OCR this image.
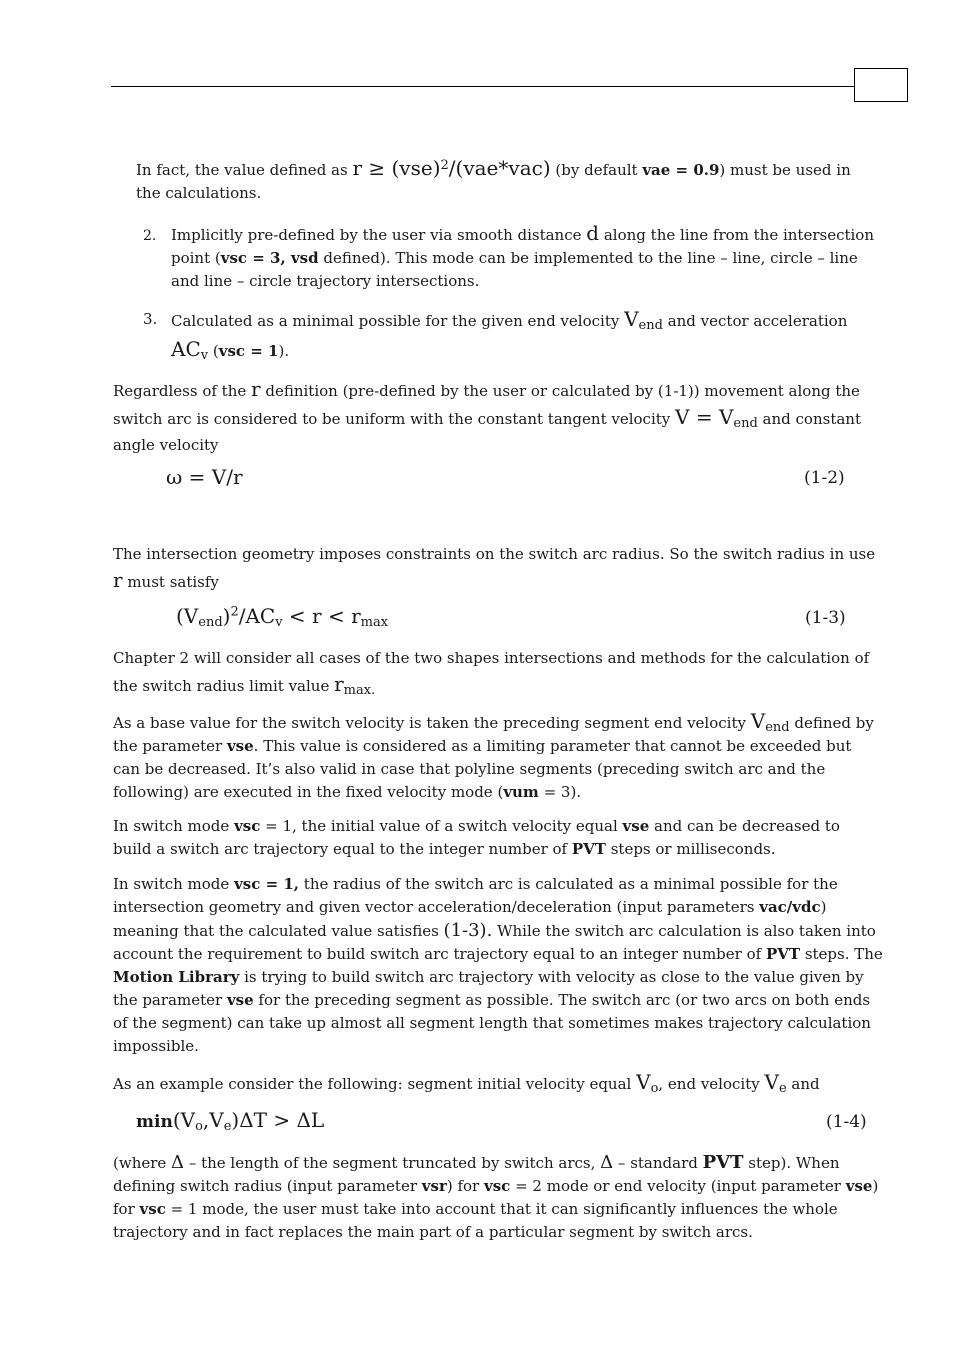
In fact, the value defined as r ≥ (vse)$^2$/(vae*vac) (by default vae = 0.9) must be used in the calculations.
2. Implicitly pre-defined by the user via smooth distance d along the line from the intersection point (vsc = 3, vsd defined). This mode can be implemented to the line – line, circle – line and line – circle trajectory intersections.
3. Calculated as a minimal possible for the given end velocity $V_{end}$ and vector acceleration $AC_v$ (vsc = 1).
Regardless of the r definition (pre-defined by the user or calculated by (1-1)) movement along the switch arc is considered to be uniform with the constant tangent velocity $V = V_{end}$ and constant angle velocity
ω = V/r	(1-2)
The intersection geometry imposes constraints on the switch arc radius. So the switch radius in use r must satisfy
$(V_{end})^2/AC_v < r < r_{max}$	(1-3)
Chapter 2 will consider all cases of the two shapes intersections and methods for the calculation of the switch radius limit value $r_{max.}$
As a base value for the switch velocity is taken the preceding segment end velocity $V_{end}$ defined by the parameter vse. This value is considered as a limiting parameter that cannot be exceeded but can be decreased. It’s also valid in case that polyline segments (preceding switch arc and the following) are executed in the fixed velocity mode (vum = 3).
In switch mode vsc = 1, the initial value of a switch velocity equal vse and can be decreased to build a switch arc trajectory equal to the integer number of PVT steps or milliseconds.
In switch mode vsc = 1, the radius of the switch arc is calculated as a minimal possible for the intersection geometry and given vector acceleration/deceleration (input parameters vac/vdc) meaning that the calculated value satisfies (1-3). While the switch arc calculation is also taken into account the requirement to build switch arc trajectory equal to an integer number of PVT steps. The Motion Library is trying to build switch arc trajectory with velocity as close to the value given by the parameter vse for the preceding segment as possible. The switch arc (or two arcs on both ends of the segment) can take up almost all segment length that sometimes makes trajectory calculation impossible.
As an example consider the following: segment initial velocity equal $V_o$, end velocity $V_e$ and
$\min(V_o,V_e)\Delta T > \Delta L$	(1-4)
(where Δ – the length of the segment truncated by switch arcs, Δ – standard PVT step). When defining switch radius (input parameter vsr) for vsc = 2 mode or end velocity (input parameter vse) for vsc = 1 mode, the user must take into account that it can significantly influences the whole trajectory and in fact replaces the main part of a particular segment by switch arcs.
